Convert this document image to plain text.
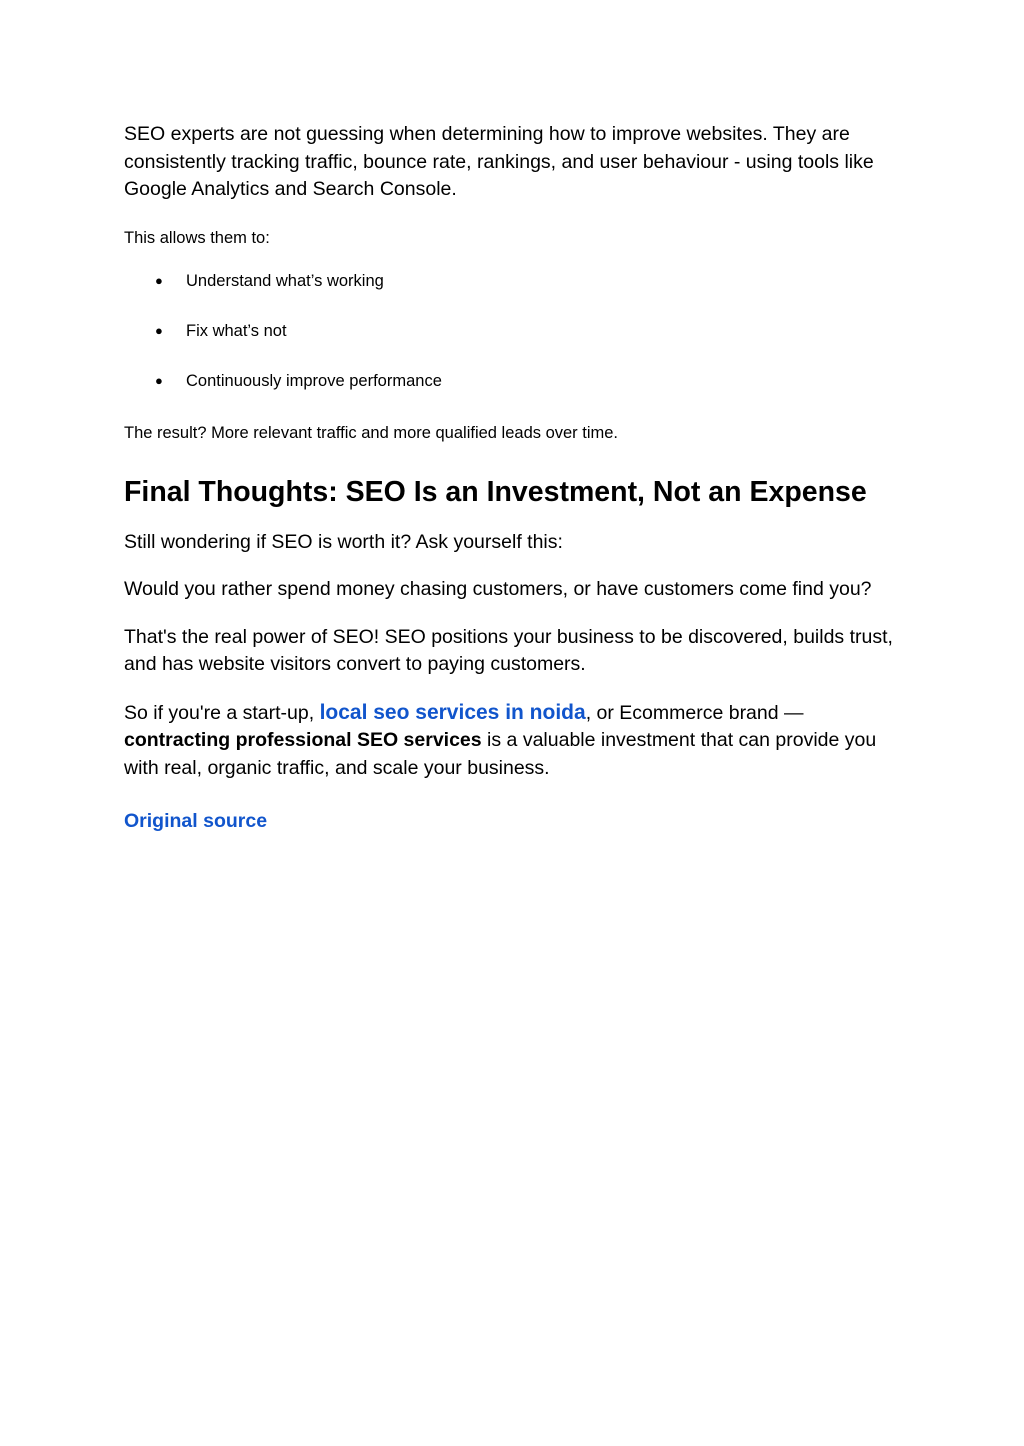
SEO experts are not guessing when determining how to improve websites. They are consistently tracking traffic, bounce rate, rankings, and user behaviour - using tools like Google Analytics and Search Console.

This allows them to:

● Understand what’s working
● Fix what’s not
● Continuously improve performance

The result? More relevant traffic and more qualified leads over time.

Final Thoughts: SEO Is an Investment, Not an Expense

Still wondering if SEO is worth it? Ask yourself this:

Would you rather spend money chasing customers, or have customers come find you?

That's the real power of SEO! SEO positions your business to be discovered, builds trust, and has website visitors convert to paying customers.

So if you're a start-up, local seo services in noida, or Ecommerce brand — contracting professional SEO services is a valuable investment that can provide you with real, organic traffic, and scale your business.

Original source
